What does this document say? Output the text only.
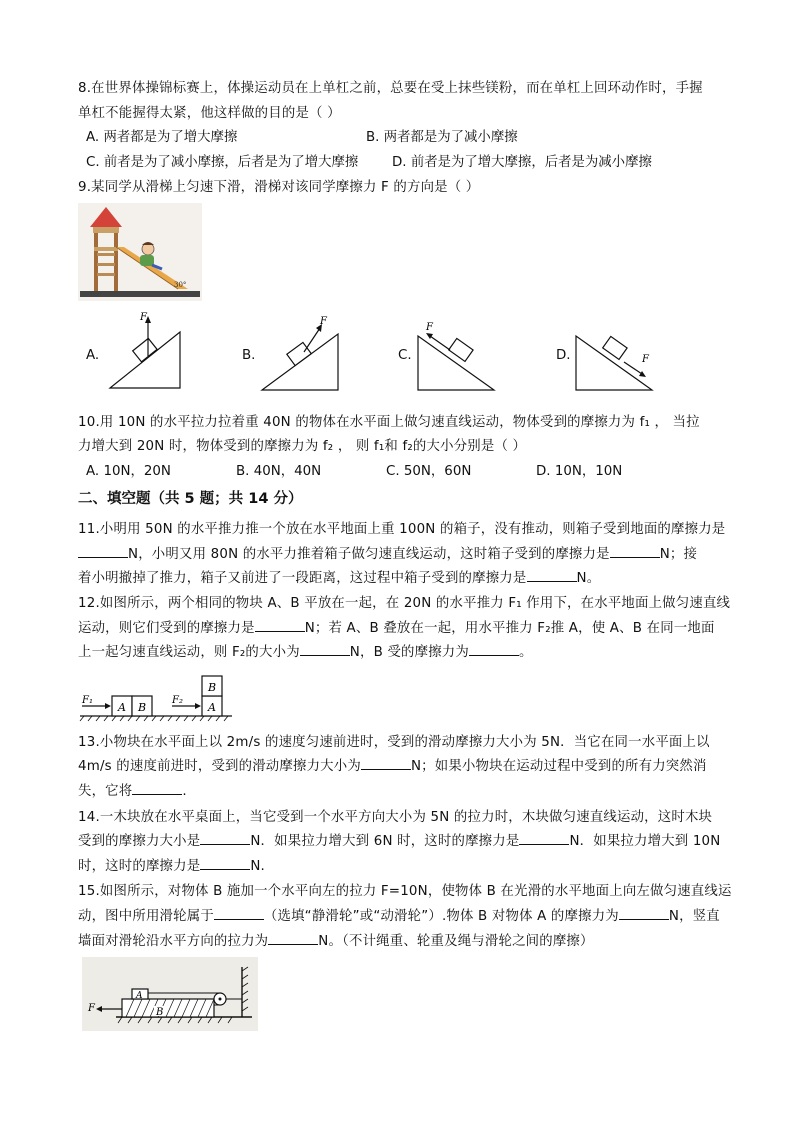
8.在世界体操锦标赛上，体操运动员在上单杠之前，总要在受上抹些镁粉，而在单杠上回环动作时，手握
单杠不能握得太紧，他这样做的目的是（ ）
A. 两者都是为了增大摩擦	B. 两者都是为了减小摩擦
C. 前者是为了减小摩擦，后者是为了增大摩擦	D. 前者是为了增大摩擦，后者是为减小摩擦
9.某同学从滑梯上匀速下滑，滑梯对该同学摩擦力 F 的方向是（ ）
30°
A.
F
B.
F
C.
F
D.	F
10.用 10N 的水平拉力拉着重 40N 的物体在水平面上做匀速直线运动，物体受到的摩擦力为 f₁ ， 当拉
力增大到 20N 时，物体受到的摩擦力为 f₂ ， 则 f₁和 f₂的大小分别是（ ）
A. 10N，20N	B. 40N，40N	C. 50N，60N	D. 10N，10N
二、填空题（共 5 题；共 14 分）
11.小明用 50N 的水平推力推一个放在水平地面上重 100N 的箱子，没有推动，则箱子受到地面的摩擦力是
N，小明又用 80N 的水平力推着箱子做匀速直线运动，这时箱子受到的摩擦力是	N；接
着小明撤掉了推力，箱子又前进了一段距离，这过程中箱子受到的摩擦力是	N。
12.如图所示，两个相同的物块 A、B 平放在一起，在 20N 的水平推力 F₁ 作用下，在水平地面上做匀速直线
运动，则它们受到的摩擦力是	N；若 A、B 叠放在一起，用水平推力 F₂推 A，使 A、B 在同一地面
上一起匀速直线运动，则 F₂的大小为	N，B 受的摩擦力为	。
F₁
A B
F₂
A
B
13.小物块在水平面上以 2m/s 的速度匀速前进时，受到的滑动摩擦力大小为 5N．当它在同一水平面上以
4m/s 的速度前进时，受到的滑动摩擦力大小为	N；如果小物块在运动过程中受到的所有力突然消
失，它将	.
14.一木块放在水平桌面上，当它受到一个水平方向大小为 5N 的拉力时，木块做匀速直线运动，这时木块
受到的摩擦力大小是	N．如果拉力增大到 6N 时，这时的摩擦力是	N．如果拉力增大到 10N
时，这时的摩擦力是	N.
15.如图所示，对物体 B 施加一个水平向左的拉力 F=10N，使物体 B 在光滑的水平地面上向左做匀速直线运
动，图中所用滑轮属于	（选填“静滑轮”或“动滑轮”）.物体 B 对物体 A 的摩擦力为	N，竖直
墙面对滑轮沿水平方向的拉力为	N。（不计绳重、轮重及绳与滑轮之间的摩擦）
B
A
F
